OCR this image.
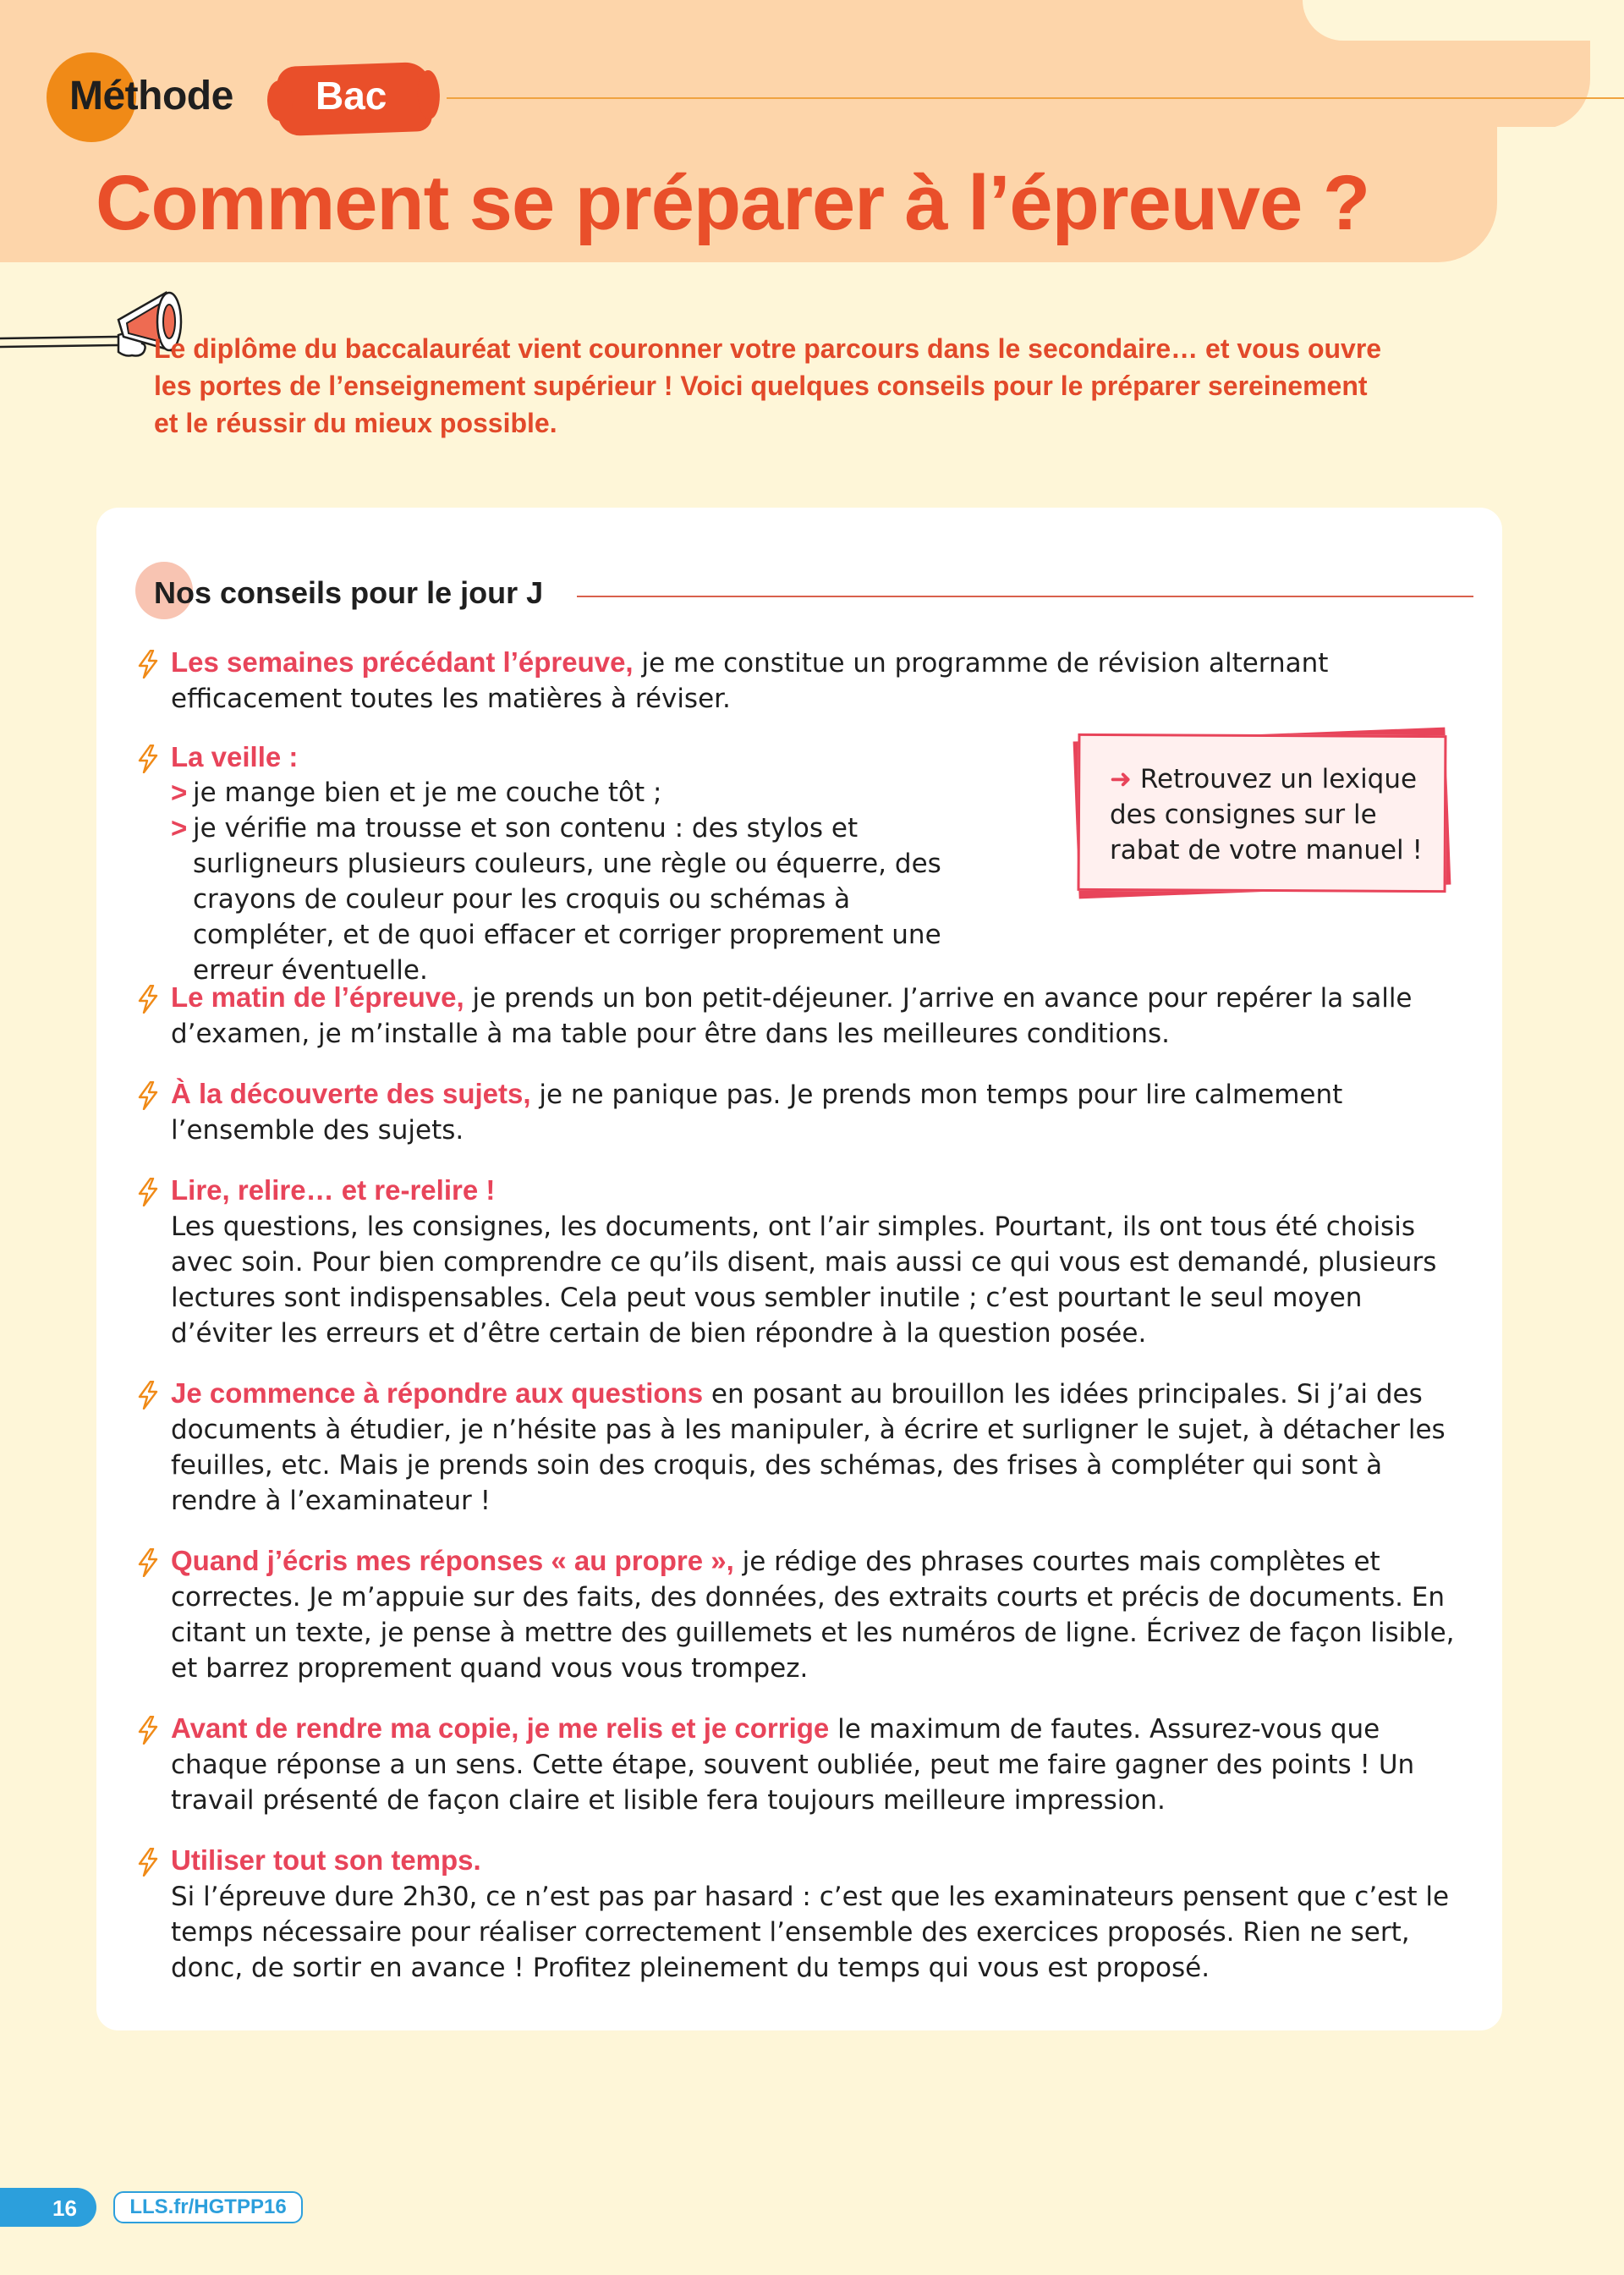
Méthode Bac
Comment se préparer à l’épreuve ?

Le diplôme du baccalauréat vient couronner votre parcours dans le secondaire… et vous ouvre
les portes de l’enseignement supérieur ! Voici quelques conseils pour le préparer sereinement
et le réussir du mieux possible.

Nos conseils pour le jour J

Les semaines précédant l’épreuve, je me constitue un programme de révision alternant efficacement toutes les matières à réviser.

La veille :

> je mange bien et je me couche tôt ;

> je vérifie ma trousse et son contenu : des stylos et surligneurs plusieurs couleurs, une règle ou équerre, des crayons de couleur pour les croquis ou schémas à compléter, et de quoi effacer et corriger proprement une erreur éventuelle.

➜ Retrouvez un lexique des consignes sur le rabat de votre manuel !

Le matin de l’épreuve, je prends un bon petit-déjeuner. J’arrive en avance pour repérer la salle d’examen, je m’installe à ma table pour être dans les meilleures conditions.

À la découverte des sujets, je ne panique pas. Je prends mon temps pour lire calmement l’ensemble des sujets.

Lire, relire… et re-relire !
Les questions, les consignes, les documents, ont l’air simples. Pourtant, ils ont tous été choisis avec soin. Pour bien comprendre ce qu’ils disent, mais aussi ce qui vous est demandé, plusieurs lectures sont indispensables. Cela peut vous sembler inutile ; c’est pourtant le seul moyen d’éviter les erreurs et d’être certain de bien répondre à la question posée.

Je commence à répondre aux questions en posant au brouillon les idées principales. Si j’ai des documents à étudier, je n’hésite pas à les manipuler, à écrire et surligner le sujet, à détacher les feuilles, etc. Mais je prends soin des croquis, des schémas, des frises à compléter qui sont à rendre à l’examinateur !

Quand j’écris mes réponses « au propre », je rédige des phrases courtes mais complètes et correctes. Je m’appuie sur des faits, des données, des extraits courts et précis de documents. En citant un texte, je pense à mettre des guillemets et les numéros de ligne. Écrivez de façon lisible, et barrez proprement quand vous vous trompez.

Avant de rendre ma copie, je me relis et je corrige le maximum de fautes. Assurez-vous que chaque réponse a un sens. Cette étape, souvent oubliée, peut me faire gagner des points ! Un travail présenté de façon claire et lisible fera toujours meilleure impression.

Utiliser tout son temps.
Si l’épreuve dure 2h30, ce n’est pas par hasard : c’est que les examinateurs pensent que c’est le temps nécessaire pour réaliser correctement l’ensemble des exercices proposés. Rien ne sert, donc, de sortir en avance ! Profitez pleinement du temps qui vous est proposé.

16	LLS.fr/HGTPP16
